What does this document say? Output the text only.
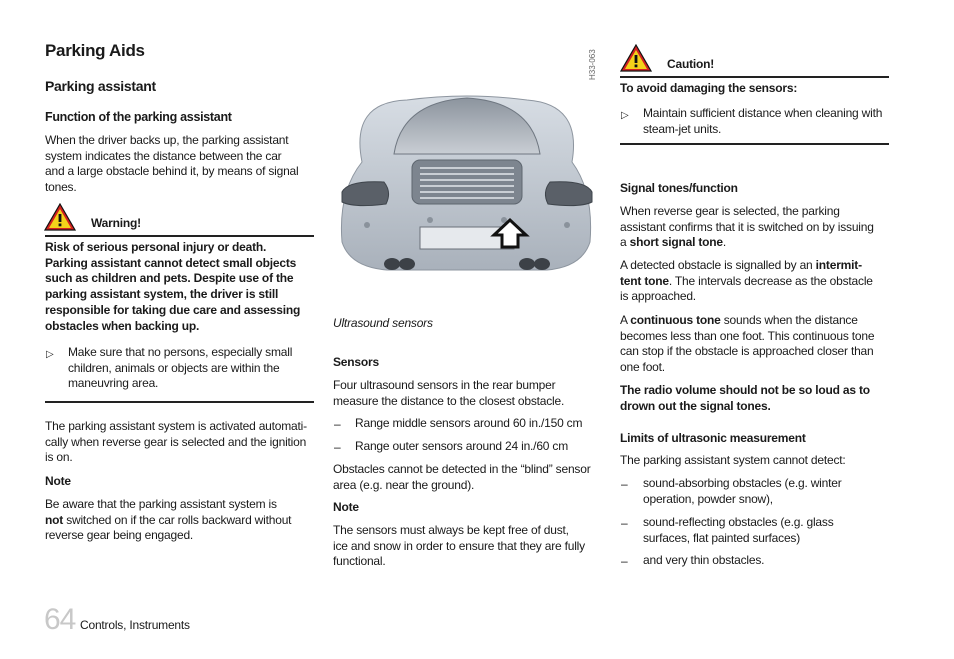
Parking Aids
Parking assistant
Function of the parking assistant
When the driver backs up, the parking assistant
system indicates the distance between the car
and a large obstacle behind it, by means of signal
tones.
Warning!
Risk of serious personal injury or death.
Parking assistant cannot detect small objects
such as children and pets. Despite use of the
parking assistant system, the driver is still
responsible for taking due care and assessing
obstacles when backing up.
▷ Make sure that no persons, especially small
children, animals or objects are within the
maneuvring area.
The parking assistant system is activated automati-
cally when reverse gear is selected and the ignition
is on.
Note
Be aware that the parking assistant system is
not switched on if the car rolls backward without
reverse gear being engaged.
64 Controls, Instruments
H33-063
Ultrasound sensors
Sensors
Four ultrasound sensors in the rear bumper
measure the distance to the closest obstacle.
– Range middle sensors around 60 in./150 cm
– Range outer sensors around 24 in./60 cm
Obstacles cannot be detected in the “blind” sensor
area (e.g. near the ground).
Note
The sensors must always be kept free of dust,
ice and snow in order to ensure that they are fully
functional.
Caution!
To avoid damaging the sensors:
▷ Maintain sufficient distance when cleaning with
steam-jet units.
Signal tones/function
When reverse gear is selected, the parking
assistant confirms that it is switched on by issuing
a short signal tone.
A detected obstacle is signalled by an intermit-
tent tone. The intervals decrease as the obstacle
is approached.
A continuous tone sounds when the distance
becomes less than one foot. This continuous tone
can stop if the obstacle is approached closer than
one foot.
The radio volume should not be so loud as to
drown out the signal tones.
Limits of ultrasonic measurement
The parking assistant system cannot detect:
– sound-absorbing obstacles (e.g. winter
operation, powder snow),
– sound-reflecting obstacles (e.g. glass
surfaces, flat painted surfaces)
– and very thin obstacles.
